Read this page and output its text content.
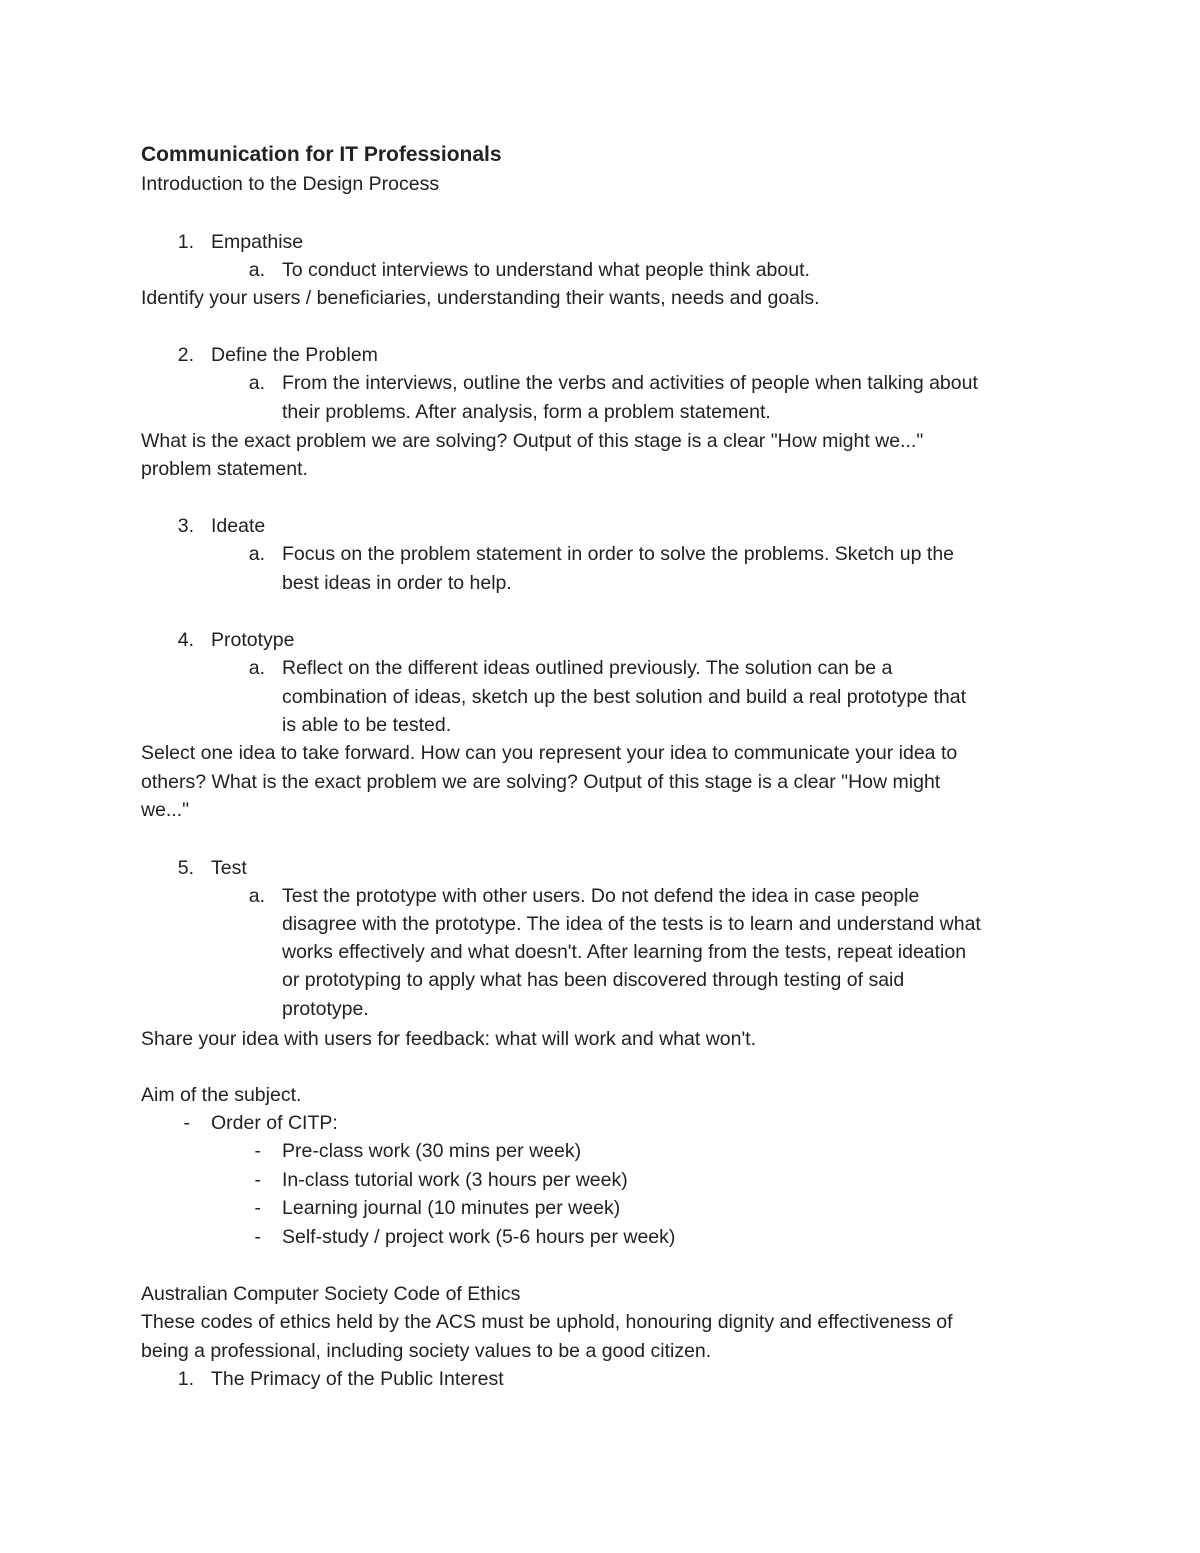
Communication for IT Professionals
Introduction to the Design Process
1. Empathise
a. To conduct interviews to understand what people think about.
Identify your users / beneficiaries, understanding their wants, needs and goals.
2. Define the Problem
a. From the interviews, outline the verbs and activities of people when talking about
their problems. After analysis, form a problem statement.
What is the exact problem we are solving? Output of this stage is a clear "How might we..."
problem statement.
3. Ideate
a. Focus on the problem statement in order to solve the problems. Sketch up the
best ideas in order to help.
4. Prototype
a. Reflect on the different ideas outlined previously. The solution can be a
combination of ideas, sketch up the best solution and build a real prototype that
is able to be tested.
Select one idea to take forward. How can you represent your idea to communicate your idea to
others? What is the exact problem we are solving? Output of this stage is a clear "How might
we..."
5. Test
a. Test the prototype with other users. Do not defend the idea in case people
disagree with the prototype. The idea of the tests is to learn and understand what
works effectively and what doesn't. After learning from the tests, repeat ideation
or prototyping to apply what has been discovered through testing of said
prototype.
Share your idea with users for feedback: what will work and what won't.
Aim of the subject.
- Order of CITP:
- Pre-class work (30 mins per week)
- In-class tutorial work (3 hours per week)
- Learning journal (10 minutes per week)
- Self-study / project work (5-6 hours per week)
Australian Computer Society Code of Ethics
These codes of ethics held by the ACS must be uphold, honouring dignity and effectiveness of
being a professional, including society values to be a good citizen.
1. The Primacy of the Public Interest
